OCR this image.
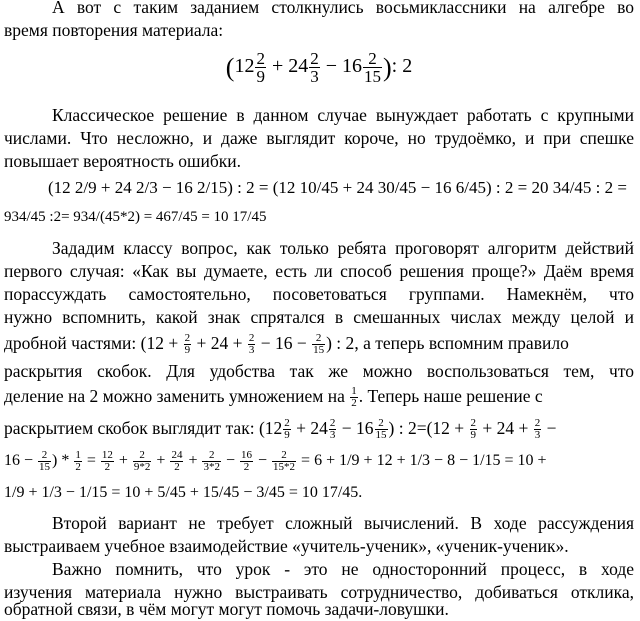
А вот с таким заданием столкнулись восьмиклассники на алгебре во
время повторения материала:
($12 \frac{2}{9} + 24 \frac{2}{3} - 16 \frac{2}{15}$ ): 2
Классическое решение в данном случае вынуждает работать с крупными
числами. Что несложно, и даже выглядит короче, но трудоёмко, и при спешке
повышает вероятность ошибки.
(12 2/9 + 24 2/3 − 16 2/15) : 2 = (12 10/45 + 24 30/45 − 16 6/45) : 2 = 20 34/45 : 2 =
934/45 :2= 934/(45*2) = 467/45 = 10 17/45
Зададим классу вопрос, как только ребята проговорят алгоритм действий
первого случая: «Как вы думаете, есть ли способ решения проще?» Даём время
порассуждать самостоятельно, посоветоваться группами. Намекнём, что
нужно вспомнить, какой знак спрятался в смешанных числах между целой и
дробной частями: ($12 + \frac{2}{9} + 24 + \frac{2}{3} - 16 - \frac{2}{15}$ ) : 2, а теперь вспомним правило
раскрытия скобок. Для удобства так же можно воспользоваться тем, что
деление на 2 можно заменить умножением на $\frac{1}{2}$ . Теперь наше решение с
раскрытием скобок выглядит так: ($12 \frac{2}{9} + 24 \frac{2}{3} - 16 \frac{2}{15}$ ) : $2=(12 + \frac{2}{9} + 24 + \frac{2}{3}$ −
$16 - \frac{2}{15}$ ) * $\frac{1}{2} = \frac{12}{2} + \frac{2}{9*2} + \frac{24}{2} + \frac{2}{3*2} - \frac{16}{2} - \frac{2}{15*2} = 6 + 1/9 + 12 + 1/3 - 8 - 1/15 = 10$ +
1/9 + 1/3 − 1/15 = 10 + 5/45 + 15/45 − 3/45 = 10 17/45.
Второй вариант не требует сложный вычислений. В ходе рассуждения
выстраиваем учебное взаимодействие «учитель-ученик», «ученик-ученик».
Важно помнить, что урок - это не односторонний процесс, в ходе
изучения материала нужно выстраивать сотрудничество, добиваться отклика,
обратной связи, в чём могут могут помочь задачи-ловушки.
